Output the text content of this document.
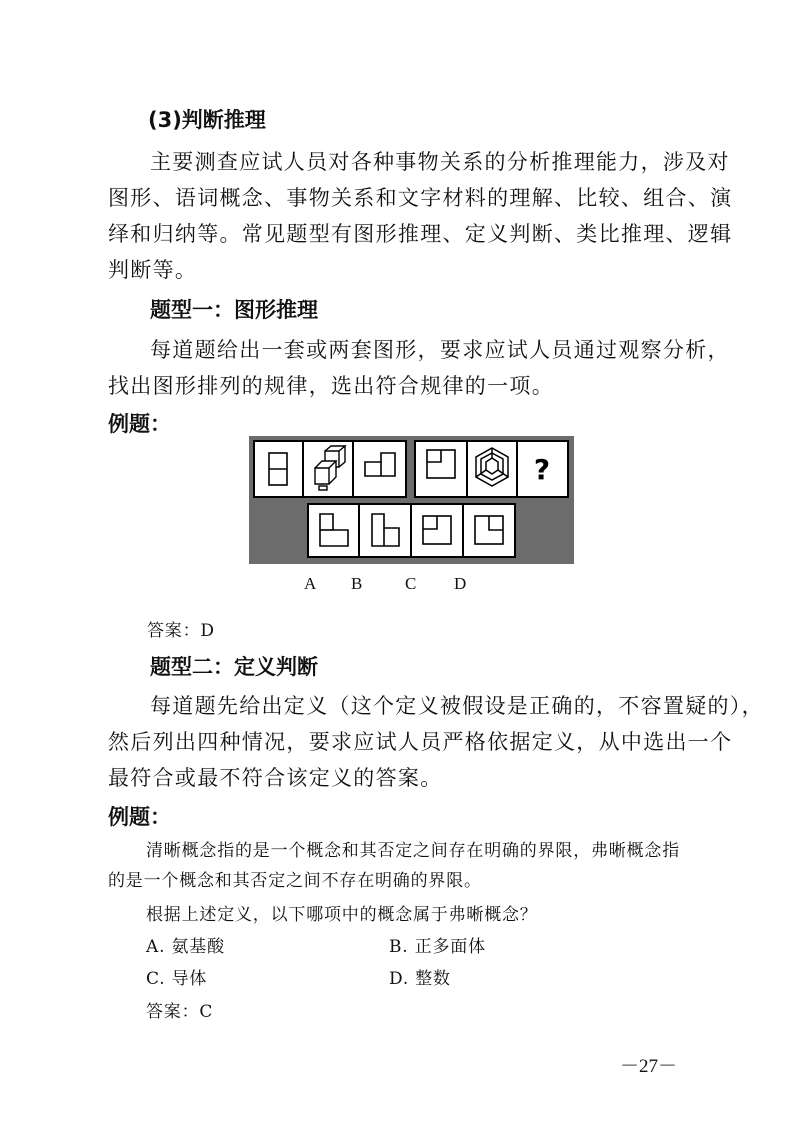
(3)判断推理
主要测查应试人员对各种事物关系的分析推理能力，涉及对
图形、语词概念、事物关系和文字材料的理解、比较、组合、演
绎和归纳等。常见题型有图形推理、定义判断、类比推理、逻辑
判断等。
题型一：图形推理
每道题给出一套或两套图形，要求应试人员通过观察分析，
找出图形排列的规律，选出符合规律的一项。
例题：
?
A B	C D
答案：D
题型二：定义判断
每道题先给出定义（这个定义被假设是正确的，不容置疑的），
然后列出四种情况，要求应试人员严格依据定义，从中选出一个
最符合或最不符合该定义的答案。
例题：
清晰概念指的是一个概念和其否定之间存在明确的界限，弗晰概念指
的是一个概念和其否定之间不存在明确的界限。
根据上述定义，以下哪项中的概念属于弗晰概念？
A. 氨基酸	B. 正多面体
C. 导体	D. 整数
答案：C
－27－
